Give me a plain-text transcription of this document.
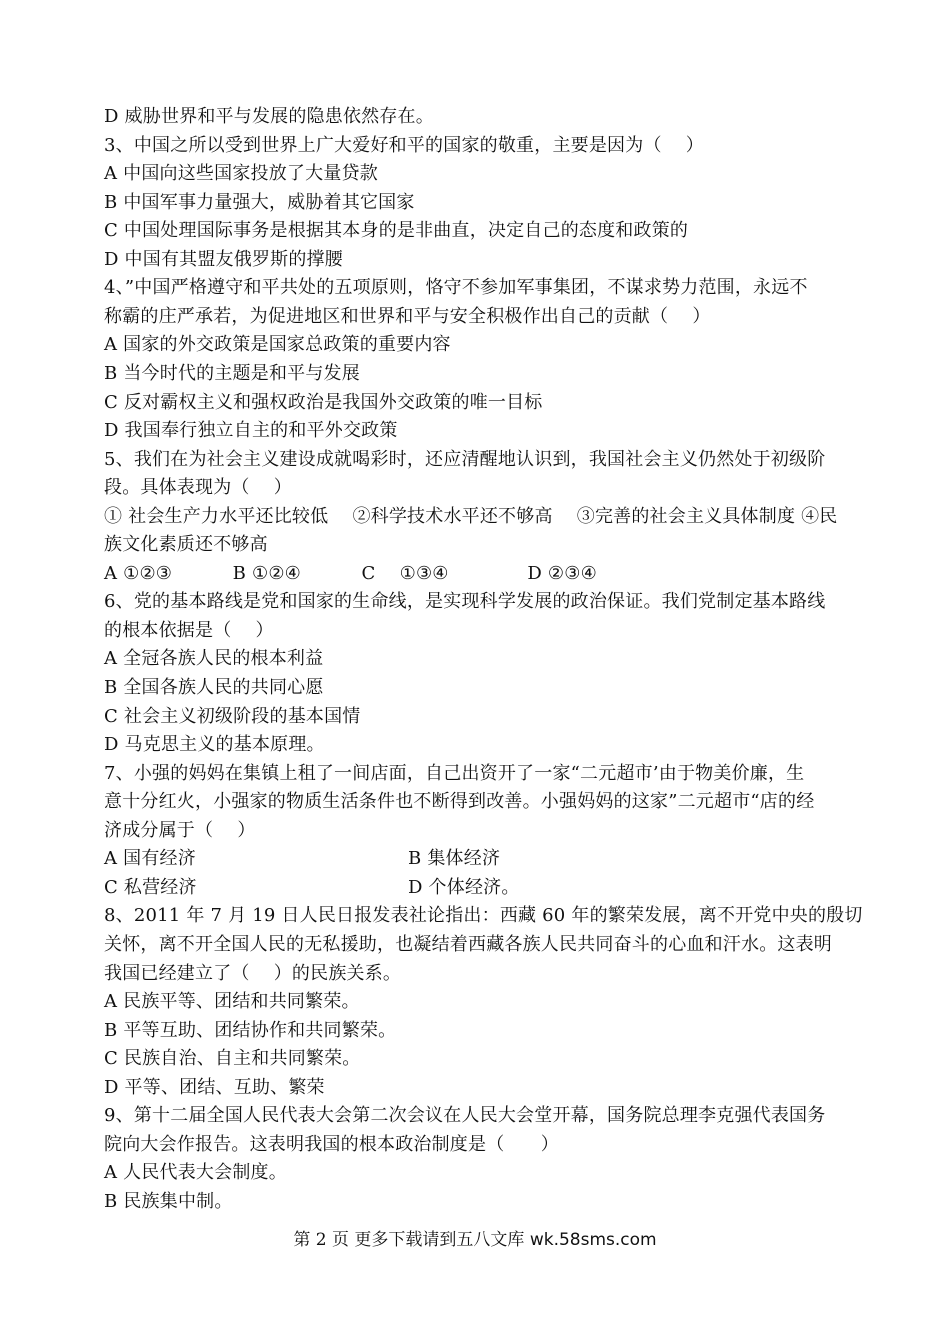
D 威胁世界和平与发展的隐患依然存在。
3、中国之所以受到世界上广大爱好和平的国家的敬重，主要是因为（　 ）
A 中国向这些国家投放了大量贷款
B 中国军事力量强大，威胁着其它国家
C 中国处理国际事务是根据其本身的是非曲直，决定自己的态度和政策的
D 中国有其盟友俄罗斯的撑腰
4、”中国严格遵守和平共处的五项原则，恪守不参加军事集团，不谋求势力范围，永远不
称霸的庄严承若，为促进地区和世界和平与安全积极作出自己的贡献（　 ）
A 国家的外交政策是国家总政策的重要内容
B 当今时代的主题是和平与发展
C 反对霸权主义和强权政治是我国外交政策的唯一目标
D 我国奉行独立自主的和平外交政策
5、我们在为社会主义建设成就喝彩时，还应清醒地认识到，我国社会主义仍然处于初级阶
段。具体表现为（　 ）
① 社会生产力水平还比较低　 ②科学技术水平还不够高　 ③完善的社会主义具体制度 ④民
族文化素质还不够高
A ①②③　　　 B ①②④　　　 C 　①③④　　　　 D ②③④
6、党的基本路线是党和国家的生命线，是实现科学发展的政治保证。我们党制定基本路线
的根本依据是（　 ）
A 全冠各族人民的根本利益
B 全国各族人民的共同心愿
C 社会主义初级阶段的基本国情
D 马克思主义的基本原理。
7、小强的妈妈在集镇上租了一间店面，自己出资开了一家“二元超市’由于物美价廉，生
意十分红火，小强家的物质生活条件也不断得到改善。小强妈妈的这家”二元超市“店的经
济成分属于（　 ）
A 国有经济	B 集体经济
C 私营经济	D 个体经济。
8、2011 年 7 月 19 日人民日报发表社论指出：西藏 60 年的繁荣发展，离不开党中央的殷切
关怀，离不开全国人民的无私援助，也凝结着西藏各族人民共同奋斗的心血和汗水。这表明
我国已经建立了（　 ）的民族关系。
A 民族平等、团结和共同繁荣。
B 平等互助、团结协作和共同繁荣。
C 民族自治、自主和共同繁荣。
D 平等、团结、互助、繁荣
9、第十二届全国人民代表大会第二次会议在人民大会堂开幕，国务院总理李克强代表国务
院向大会作报告。这表明我国的根本政治制度是（　　）
A 人民代表大会制度。
B 民族集中制。
第 2 页 更多下载请到五八文库 wk.58sms.com
